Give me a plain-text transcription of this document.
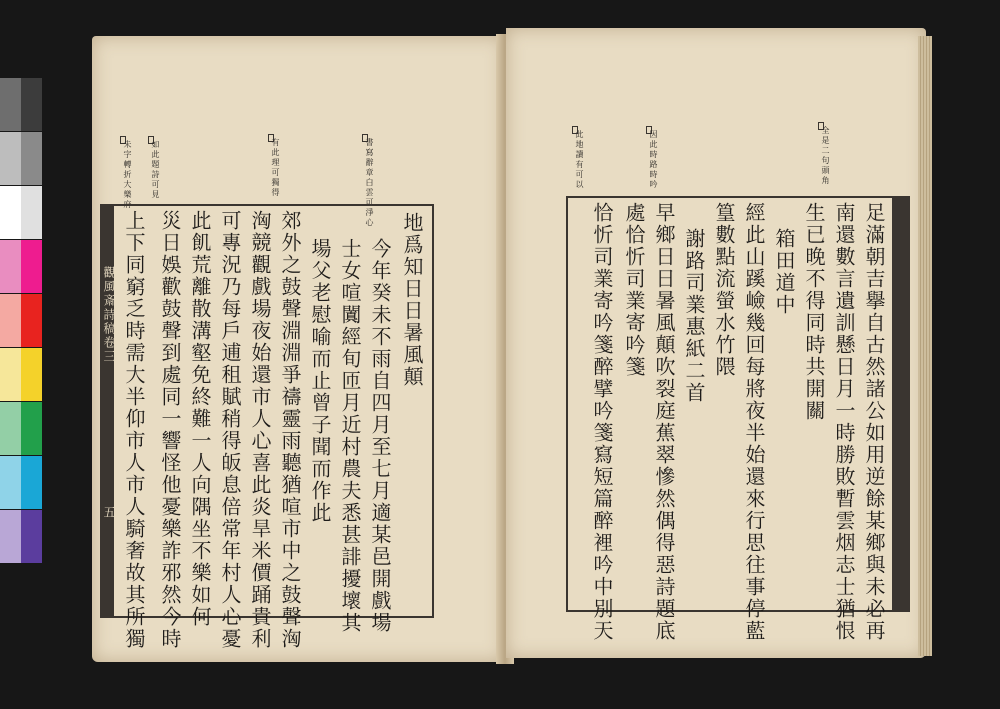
書寫辭章白雲可淨心
有此理可獨得
朱字轉折大樂府 如此題詩可見
觀風斎詩稿卷三
五
地爲知日日暑風顛
今年癸未不雨自四月至七月適某邑開戲場
士女喧闐經旬匝月近村農夫悉甚誹擾壞其
場父老慰喻而止曾子聞而作此
郊外之鼓聲淵淵爭禱靈雨聽猶喧市中之鼓聲洶
洶競觀戲場夜始還市人心喜此炎旱米價踊貴利
可專況乃每戶逋租賦稍得皈息倍常年村人心憂
此飢荒離散溝壑免終難一人向隅坐不樂如何
災日娛歡鼓聲到處同一響怪他憂樂詐邪然今時
上下同窮乏時需大半仰市人市人騎奢故其所獨
全是二句頭角
因此時路時吟
此地讀有可以
足滿朝吉擧自古然諸公如用逆餘某鄉與未必再
南還數言遺訓懸日月一時勝敗暫雲烟志士猶恨
生已晚不得同時共開關
箱田道中
經此山蹊嶮幾回每將夜半始還來行思往事停藍
篁數點流螢水竹隈
謝路司業惠紙二首
早鄉日日暑風顛吹裂庭蕉翠慘然偶得惡詩題底
處恰忻司業寄吟箋
恰忻司業寄吟箋醉擘吟箋寫短篇醉裡吟中別天
